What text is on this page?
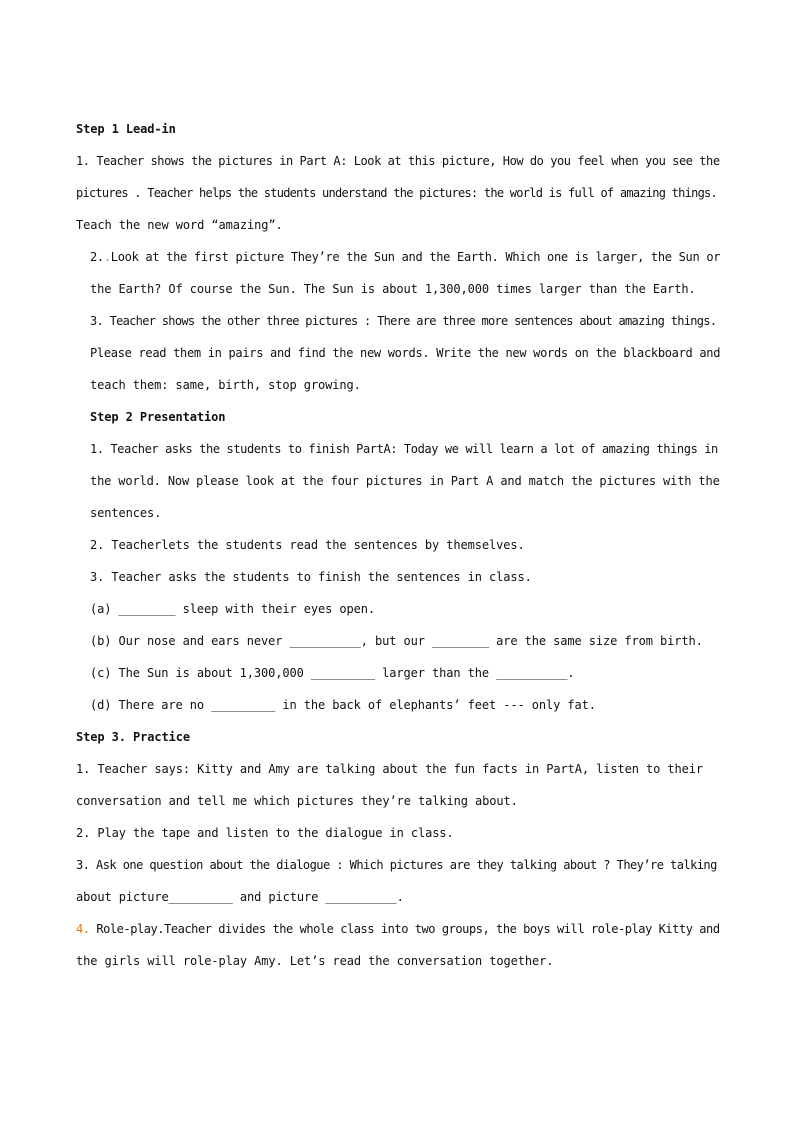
Step 1 Lead-in
1. Teacher shows the pictures in Part A: Look at this picture, How do you feel when you see the
pictures . Teacher helps the students understand the pictures: the world is full of amazing things.
Teach the new word “amazing”.
2..Look at the first picture They’re the Sun and the Earth. Which one is larger, the Sun or
the Earth? Of course the Sun. The Sun is about 1,300,000 times larger than the Earth.
3. Teacher shows the other three pictures : There are three more sentences about amazing things.
Please read them in pairs and find the new words. Write the new words on the blackboard and
teach them: same, birth, stop growing.
Step 2 Presentation
1. Teacher asks the students to finish PartA: Today we will learn a lot of amazing things in
the world. Now please look at the four pictures in Part A and match the pictures with the
sentences.
2. Teacherlets the students read the sentences by themselves.
3. Teacher asks the students to finish the sentences in class.
(a) ________ sleep with their eyes open.
(b) Our nose and ears never __________, but our ________ are the same size from birth.
(c) The Sun is about 1,300,000 _________ larger than the __________.
(d) There are no _________ in the back of elephants’ feet --- only fat.
Step 3. Practice
1. Teacher says: Kitty and Amy are talking about the fun facts in PartA, listen to their
conversation and tell me which pictures they’re talking about.
2. Play the tape and listen to the dialogue in class.
3. Ask one question about the dialogue : Which pictures are they talking about ? They’re talking
about picture_________ and picture __________.
4. Role-play.Teacher divides the whole class into two groups, the boys will role-play Kitty and
the girls will role-play Amy. Let’s read the conversation together.
